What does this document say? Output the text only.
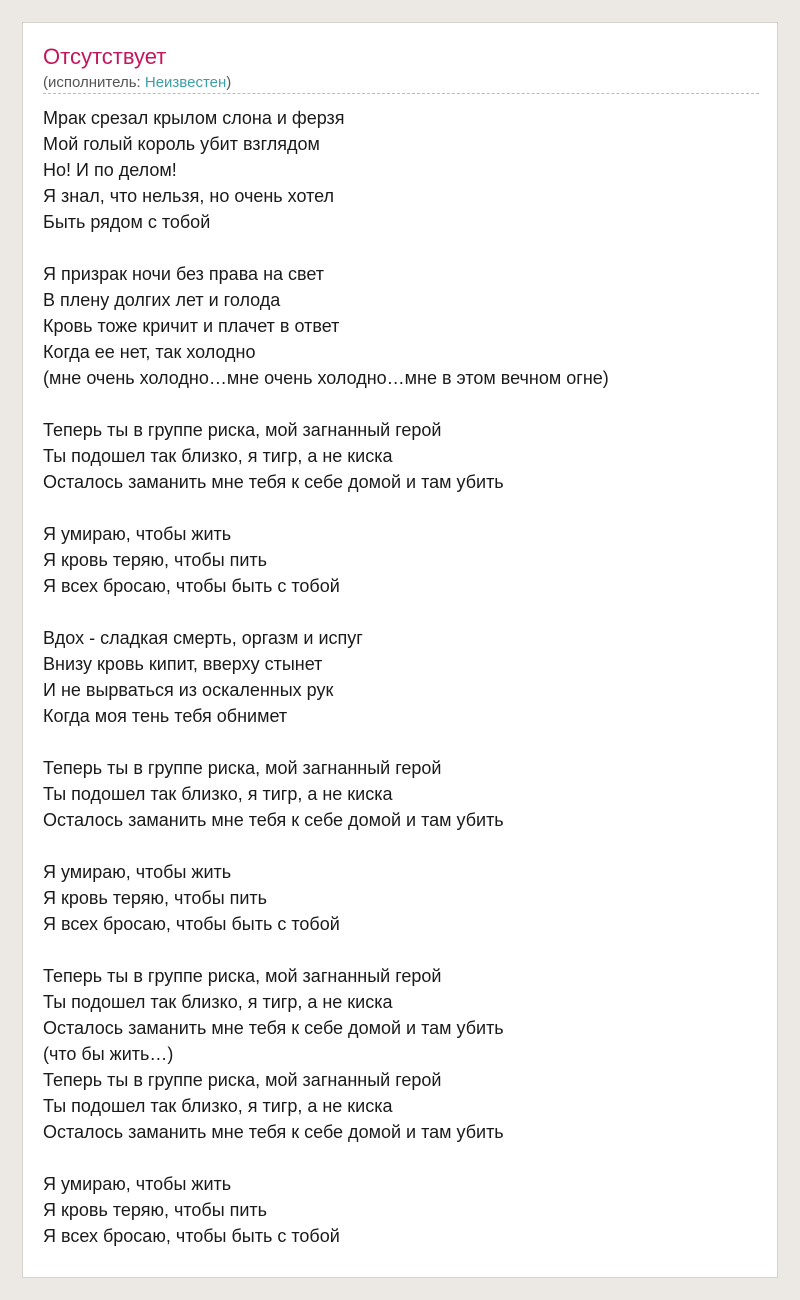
Отсутствует
(исполнитель: Неизвестен)
Мрак срезал крылом слона и ферзя
Мой голый король убит взглядом
Но! И по делом!
Я знал, что нельзя, но очень хотел
Быть рядом с тобой
Я призрак ночи без права на свет
В плену долгих лет и голода
Кровь тоже кричит и плачет в ответ
Когда ее нет, так холодно
(мне очень холодно…мне очень холодно…мне в этом вечном огне)
Теперь ты в группе риска, мой загнанный герой
Ты подошел так близко, я тигр, а не киска
Осталось заманить мне тебя к себе домой и там убить
Я умираю, чтобы жить
Я кровь теряю, чтобы пить
Я всех бросаю, чтобы быть с тобой
Вдох - сладкая смерть, оргазм и испуг
Внизу кровь кипит, вверху стынет
И не вырваться из оскаленных рук
Когда моя тень тебя обнимет
Теперь ты в группе риска, мой загнанный герой
Ты подошел так близко, я тигр, а не киска
Осталось заманить мне тебя к себе домой и там убить
Я умираю, чтобы жить
Я кровь теряю, чтобы пить
Я всех бросаю, чтобы быть с тобой
Теперь ты в группе риска, мой загнанный герой
Ты подошел так близко, я тигр, а не киска
Осталось заманить мне тебя к себе домой и там убить
(что бы жить…)
Теперь ты в группе риска, мой загнанный герой
Ты подошел так близко, я тигр, а не киска
Осталось заманить мне тебя к себе домой и там убить
Я умираю, чтобы жить
Я кровь теряю, чтобы пить
Я всех бросаю, чтобы быть с тобой
